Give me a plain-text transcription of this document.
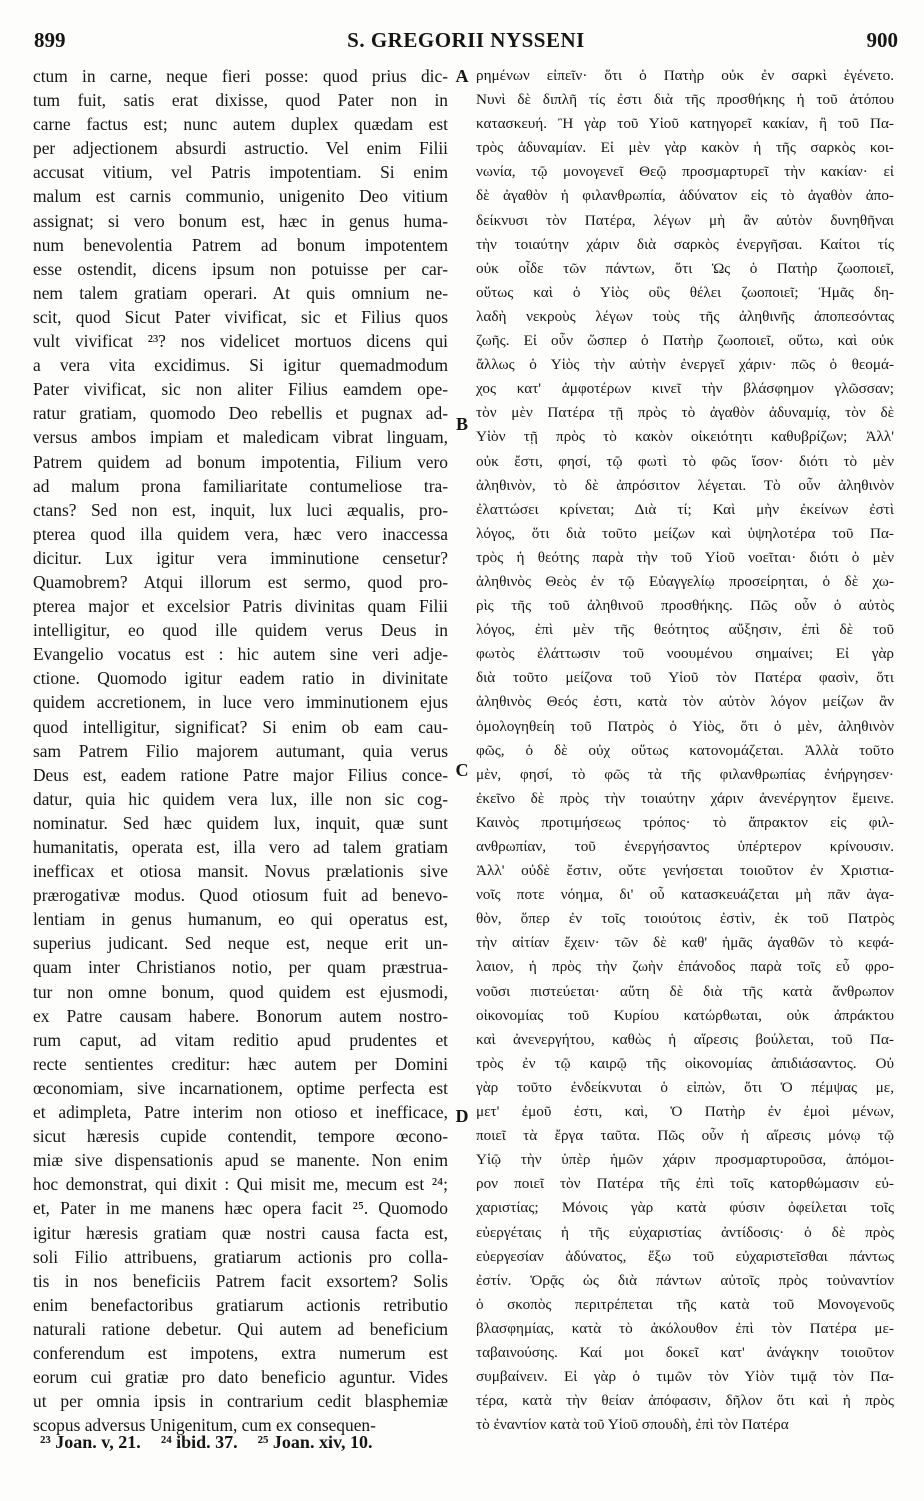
899	S. GREGORII NYSSENI	900
ctum in carne, neque fieri posse: quod prius dic-
tum fuit, satis erat dixisse, quod Pater non in
carne factus est; nunc autem duplex quædam est
per adjectionem absurdi astructio. Vel enim Filii
accusat vitium, vel Patris impotentiam. Si enim
malum est carnis communio, unigenito Deo vitium
assignat; si vero bonum est, hæc in genus huma-
num benevolentia Patrem ad bonum impotentem
esse ostendit, dicens ipsum non potuisse per car-
nem talem gratiam operari. At quis omnium ne-
scit, quod Sicut Pater vivificat, sic et Filius quos
vult vivificat ²³? nos videlicet mortuos dicens qui
a vera vita excidimus. Si igitur quemadmodum
Pater vivificat, sic non aliter Filius eamdem ope-
ratur gratiam, quomodo Deo rebellis et pugnax ad-
versus ambos impiam et maledicam vibrat linguam,
Patrem quidem ad bonum impotentia, Filium vero
ad malum prona familiaritate contumeliose tra-
ctans? Sed non est, inquit, lux luci æqualis, pro-
pterea quod illa quidem vera, hæc vero inaccessa
dicitur. Lux igitur vera imminutione censetur?
Quamobrem? Atqui illorum est sermo, quod pro-
pterea major et excelsior Patris divinitas quam Filii
intelligitur, eo quod ille quidem verus Deus in
Evangelio vocatus est : hic autem sine veri adje-
ctione. Quomodo igitur eadem ratio in divinitate
quidem accretionem, in luce vero imminutionem ejus
quod intelligitur, significat? Si enim ob eam cau-
sam Patrem Filio majorem autumant, quia verus
Deus est, eadem ratione Patre major Filius conce-
datur, quia hic quidem vera lux, ille non sic cog-
nominatur. Sed hæc quidem lux, inquit, quæ sunt
humanitatis, operata est, illa vero ad talem gratiam
inefficax et otiosa mansit. Novus prælationis sive
prærogativæ modus. Quod otiosum fuit ad benevo-
lentiam in genus humanum, eo qui operatus est,
superius judicant. Sed neque est, neque erit un-
quam inter Christianos notio, per quam præstrua-
tur non omne bonum, quod quidem est ejusmodi,
ex Patre causam habere. Bonorum autem nostro-
rum caput, ad vitam reditio apud prudentes et
recte sentientes creditur: hæc autem per Domini
œconomiam, sive incarnationem, optime perfecta est
et adimpleta, Patre interim non otioso et inefficace,
sicut hæresis cupide contendit, tempore œcono-
miæ sive dispensationis apud se manente. Non enim
hoc demonstrat, qui dixit : Qui misit me, mecum est ²⁴;
et, Pater in me manens hæc opera facit ²⁵. Quomodo
igitur hæresis gratiam quæ nostri causa facta est,
soli Filio attribuens, gratiarum actionis pro colla-
tis in nos beneficiis Patrem facit exsortem? Solis
enim benefactoribus gratiarum actionis retributio
naturali ratione debetur. Qui autem ad beneficium
conferendum est impotens, extra numerum est
eorum cui gratiæ pro dato beneficio aguntur. Vides
ut per omnia ipsis in contrarium cedit blasphemiæ
scopus adversus Unigenitum, cum ex consequen-
ρημένων εἰπεῖν· ὅτι ὁ Πατὴρ οὐκ ἐν σαρκὶ ἐγένετο.
Νυνὶ δὲ διπλῆ τίς ἐστι διὰ τῆς προσθήκης ἡ τοῦ ἀτόπου
κατασκευή. Ἢ γὰρ τοῦ Υἱοῦ κατηγορεῖ κακίαν, ἢ τοῦ Πα-
τρὸς ἀδυναμίαν. Εἰ μὲν γὰρ κακὸν ἡ τῆς σαρκὸς κοι-
νωνία, τῷ μονογενεῖ Θεῷ προσμαρτυρεῖ τὴν κακίαν· εἰ
δὲ ἀγαθὸν ἡ φιλανθρωπία, ἀδύνατον εἰς τὸ ἀγαθὸν ἀπο-
δείκνυσι τὸν Πατέρα, λέγων μὴ ἂν αὐτὸν δυνηθῆναι
τὴν τοιαύτην χάριν διὰ σαρκὸς ἐνεργῆσαι. Καίτοι τίς
οὐκ οἶδε τῶν πάντων, ὅτι Ὡς ὁ Πατὴρ ζωοποιεῖ,
οὕτως καὶ ὁ Υἱὸς οὓς θέλει ζωοποιεῖ; Ἡμᾶς δη-
λαδὴ νεκροὺς λέγων τοὺς τῆς ἀληθινῆς ἀποπεσόντας
ζωῆς. Εἰ οὖν ὥσπερ ὁ Πατὴρ ζωοποιεῖ, οὕτω, καὶ οὐκ
ἄλλως ὁ Υἱὸς τὴν αὐτὴν ἐνεργεῖ χάριν· πῶς ὁ θεομά-
χος κατ' ἀμφοτέρων κινεῖ τὴν βλάσφημον γλῶσσαν;
τὸν μὲν Πατέρα τῇ πρὸς τὸ ἀγαθὸν ἀδυναμίᾳ, τὸν δὲ
Υἱὸν τῇ πρὸς τὸ κακὸν οἰκειότητι καθυβρίζων; Ἀλλ'
οὐκ ἔστι, φησί, τῷ φωτὶ τὸ φῶς ἴσον· διότι τὸ μὲν
ἀληθινὸν, τὸ δὲ ἀπρόσιτον λέγεται. Τὸ οὖν ἀληθινὸν
ἐλαττώσει κρίνεται; Διὰ τί; Καὶ μὴν ἐκείνων ἐστὶ
λόγος, ὅτι διὰ τοῦτο μείζων καὶ ὑψηλοτέρα τοῦ Πα-
τρὸς ἡ θεότης παρὰ τὴν τοῦ Υἱοῦ νοεῖται· διότι ὁ μὲν
ἀληθινὸς Θεὸς ἐν τῷ Εὐαγγελίῳ προσείρηται, ὁ δὲ χω-
ρὶς τῆς τοῦ ἀληθινοῦ προσθήκης. Πῶς οὖν ὁ αὐτὸς
λόγος, ἐπὶ μὲν τῆς θεότητος αὔξησιν, ἐπὶ δὲ τοῦ
φωτὸς ἐλάττωσιν τοῦ νοουμένου σημαίνει; Εἰ γὰρ
διὰ τοῦτο μείζονα τοῦ Υἱοῦ τὸν Πατέρα φασὶν, ὅτι
ἀληθινὸς Θεός ἐστι, κατὰ τὸν αὐτὸν λόγον μείζων ἂν
ὁμολογηθείη τοῦ Πατρὸς ὁ Υἱὸς, ὅτι ὁ μὲν, ἀληθινὸν
φῶς, ὁ δὲ οὐχ οὕτως κατονομάζεται. Ἀλλὰ τοῦτο
μὲν, φησί, τὸ φῶς τὰ τῆς φιλανθρωπίας ἐνήργησεν·
ἐκεῖνο δὲ πρὸς τὴν τοιαύτην χάριν ἀνενέργητον ἔμεινε.
Καινὸς προτιμήσεως τρόπος· τὸ ἄπρακτον εἰς φιλ-
ανθρωπίαν, τοῦ ἐνεργήσαντος ὑπέρτερον κρίνουσιν.
Ἀλλ' οὐδὲ ἔστιν, οὔτε γενήσεται τοιοῦτον ἐν Χριστια-
νοῖς ποτε νόημα, δι' οὗ κατασκευάζεται μὴ πᾶν ἀγα-
θὸν, ὅπερ ἐν τοῖς τοιούτοις ἐστὶν, ἐκ τοῦ Πατρὸς
τὴν αἰτίαν ἔχειν· τῶν δὲ καθ' ἡμᾶς ἀγαθῶν τὸ κεφά-
λαιον, ἡ πρὸς τὴν ζωὴν ἐπάνοδος παρὰ τοῖς εὖ φρο-
νοῦσι πιστεύεται· αὕτη δὲ διὰ τῆς κατὰ ἄνθρωπον
οἰκονομίας τοῦ Κυρίου κατώρθωται, οὐκ ἀπράκτου
καὶ ἀνενεργήτου, καθὼς ἡ αἵρεσις βούλεται, τοῦ Πα-
τρὸς ἐν τῷ καιρῷ τῆς οἰκονομίας ἀπιδιάσαντος. Οὐ
γὰρ τοῦτο ἐνδείκνυται ὁ εἰπὼν, ὅτι Ὁ πέμψας με,
μετ' ἐμοῦ ἐστι, καὶ, Ὁ Πατὴρ ἐν ἐμοὶ μένων,
ποιεῖ τὰ ἔργα ταῦτα. Πῶς οὖν ἡ αἵρεσις μόνῳ τῷ
Υἱῷ τὴν ὑπὲρ ἡμῶν χάριν προσμαρτυροῦσα, ἀπόμοι-
ρον ποιεῖ τὸν Πατέρα τῆς ἐπὶ τοῖς κατορθώμασιν εὐ-
χαριστίας; Μόνοις γὰρ κατὰ φύσιν ὀφείλεται τοῖς
εὐεργέταις ἡ τῆς εὐχαριστίας ἀντίδοσις· ὁ δὲ πρὸς
εὐεργεσίαν ἀδύνατος, ἔξω τοῦ εὐχαριστεῖσθαι πάντως
ἐστίν. Ὁρᾷς ὡς διὰ πάντων αὐτοῖς πρὸς τοὐναντίον
ὁ σκοπὸς περιτρέπεται τῆς κατὰ τοῦ Μονογενοῦς
βλασφημίας, κατὰ τὸ ἀκόλουθον ἐπὶ τὸν Πατέρα με-
ταβαινούσης. Καί μοι δοκεῖ κατ' ἀνάγκην τοιοῦτον
συμβαίνειν. Εἰ γὰρ ὁ τιμῶν τὸν Υἱὸν τιμᾷ τὸν Πα-
τέρα, κατὰ τὴν θείαν ἀπόφασιν, δῆλον ὅτι καὶ ἡ πρὸς
τὸ ἐναντίον κατὰ τοῦ Υἱοῦ σπουδὴ, ἐπὶ τὸν Πατέρα
A
B
C
D
²³ Joan. v, 21. ²⁴ ibid. 37. ²⁵ Joan. xiv, 10.
